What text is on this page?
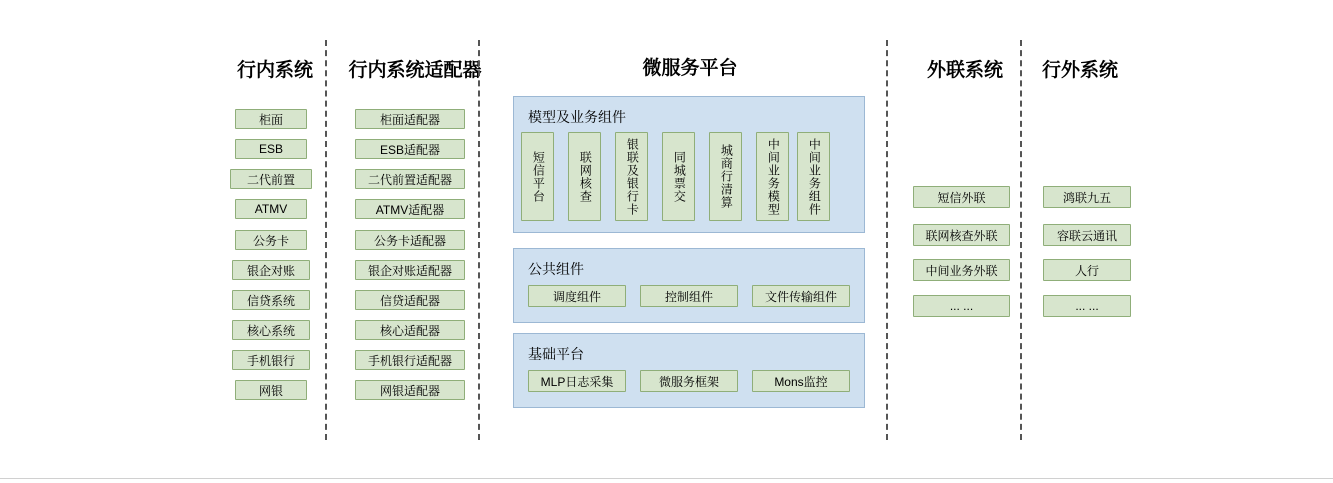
行内系统	行内系统适配器	微服务平台	外联系统	行外系统
柜面
ESB
二代前置
ATMV
公务卡
银企对账
信贷系统
核心系统
手机银行
网银
柜面适配器
ESB适配器
二代前置适配器
ATMV适配器
公务卡适配器
银企对账适配器
信贷适配器
核心适配器
手机银行适配器
网银适配器
模型及业务组件
短信平台	联网核查	银联及银行卡	同城票交	城商行清算	中间业务模型	中间业务组件
公共组件
调度组件	控制组件	文件传输组件
基础平台
MLP日志采集	微服务框架	Mons监控
短信外联
联网核查外联
中间业务外联
... ...
鸿联九五
容联云通讯
人行
... ...
